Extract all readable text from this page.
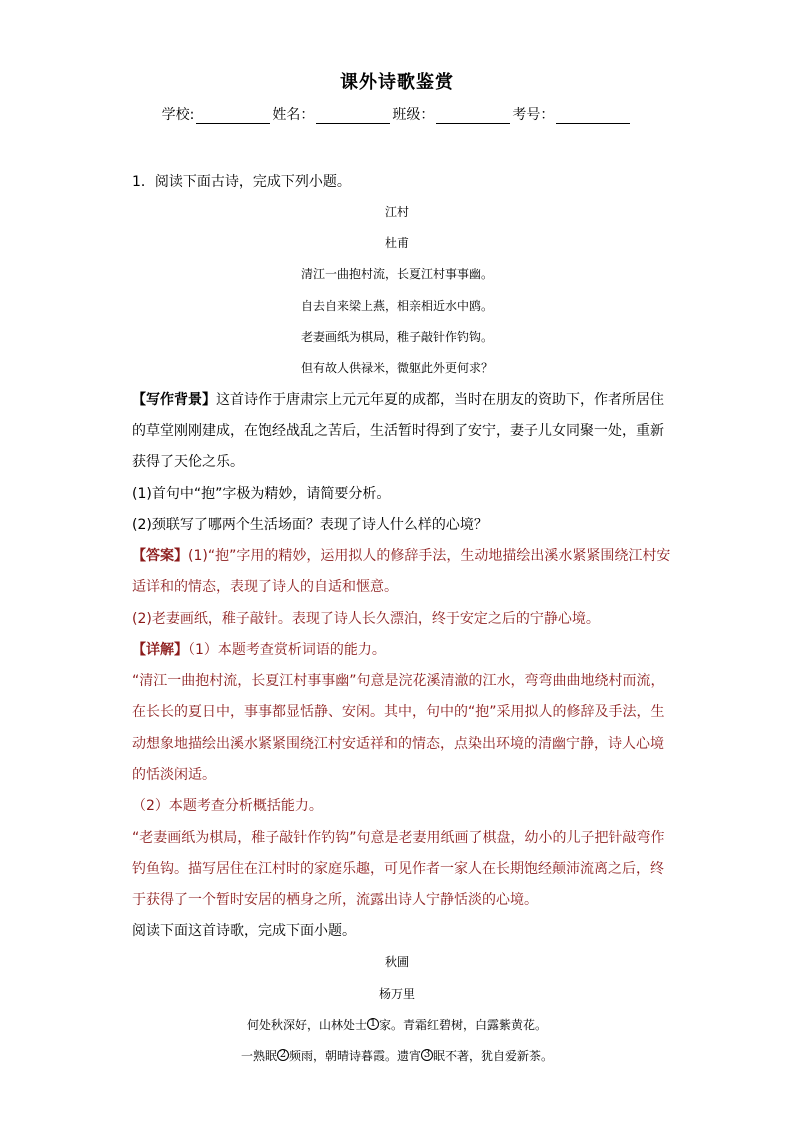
课外诗歌鉴赏
学校:	姓名：	班级：	考号：
1．阅读下面古诗，完成下列小题。
江村
杜甫
清江一曲抱村流，长夏江村事事幽。
自去自来梁上燕，相亲相近水中鸥。
老妻画纸为棋局，稚子敲针作钓钩。
但有故人供禄米，微躯此外更何求？
【写作背景】这首诗作于唐肃宗上元元年夏的成都，当时在朋友的资助下，作者所居住
的草堂刚刚建成，在饱经战乱之苦后，生活暂时得到了安宁，妻子儿女同聚一处，重新
获得了天伦之乐。
(1)首句中“抱”字极为精妙，请简要分析。
(2)颈联写了哪两个生活场面？表现了诗人什么样的心境？
【答案】(1)“抱”字用的精妙，运用拟人的修辞手法，生动地描绘出溪水紧紧围绕江村安
适详和的情态，表现了诗人的自适和惬意。
(2)老妻画纸，稚子敲针。表现了诗人长久漂泊，终于安定之后的宁静心境。
【详解】（1）本题考查赏析词语的能力。
“清江一曲抱村流，长夏江村事事幽”句意是浣花溪清澈的江水，弯弯曲曲地绕村而流，
在长长的夏日中，事事都显恬静、安闲。其中，句中的“抱”采用拟人的修辞及手法，生
动想象地描绘出溪水紧紧围绕江村安适祥和的情态，点染出环境的清幽宁静，诗人心境
的恬淡闲适。
（2）本题考查分析概括能力。
“老妻画纸为棋局，稚子敲针作钓钩”句意是老妻用纸画了棋盘，幼小的儿子把针敲弯作
钓鱼钩。描写居住在江村时的家庭乐趣，可见作者一家人在长期饱经颠沛流离之后，终
于获得了一个暂时安居的栖身之所，流露出诗人宁静恬淡的心境。
阅读下面这首诗歌，完成下面小题。
秋圃
杨万里
何处秋深好，山林处士 1 家。青霜红碧树，白露紫黄花。
一熟眠 2 频雨，朝晴诗暮霞。遗宵 3 眠不著，犹自爱新茶。
